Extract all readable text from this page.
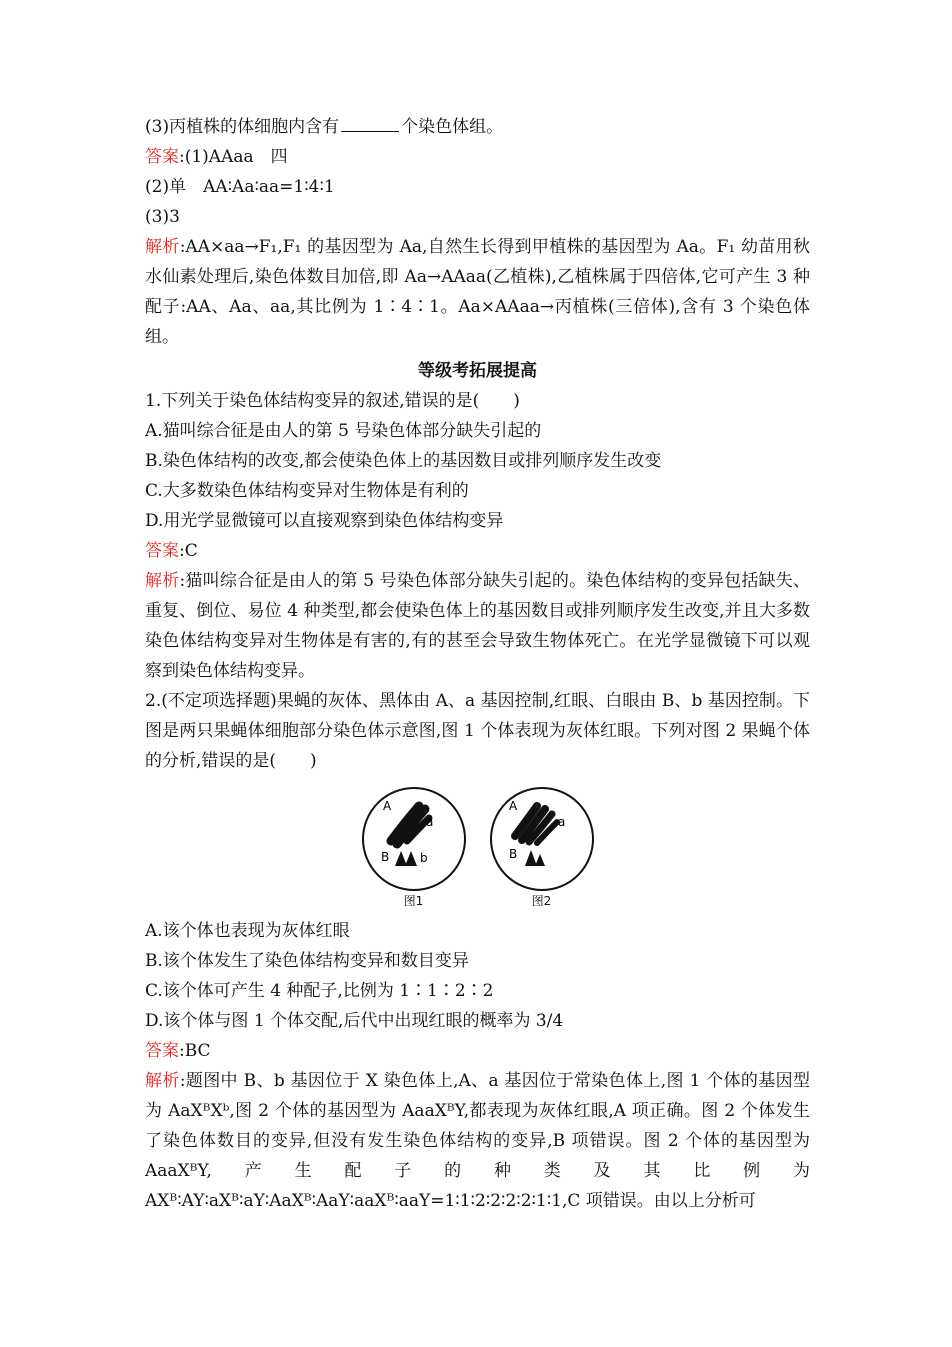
(3)丙植株的体细胞内含有	个染色体组。
答案:(1)AAaa　四
(2)单　AA∶Aa∶aa=1∶4∶1
(3)3
解析:AA×aa→F₁,F₁ 的基因型为 Aa,自然生长得到甲植株的基因型为 Aa。F₁ 幼苗用秋水仙素处理后,染色体数目加倍,即 Aa→AAaa(乙植株),乙植株属于四倍体,它可产生 3 种配子:AA、Aa、aa,其比例为 1∶4∶1。Aa×AAaa→丙植株(三倍体),含有 3 个染色体组。
等级考拓展提高
1.下列关于染色体结构变异的叙述,错误的是(　　)
A.猫叫综合征是由人的第 5 号染色体部分缺失引起的
B.染色体结构的改变,都会使染色体上的基因数目或排列顺序发生改变
C.大多数染色体结构变异对生物体是有利的
D.用光学显微镜可以直接观察到染色体结构变异
答案:C
解析:猫叫综合征是由人的第 5 号染色体部分缺失引起的。染色体结构的变异包括缺失、重复、倒位、易位 4 种类型,都会使染色体上的基因数目或排列顺序发生改变,并且大多数染色体结构变异对生物体是有害的,有的甚至会导致生物体死亡。在光学显微镜下可以观察到染色体结构变异。
2.(不定项选择题)果蝇的灰体、黑体由 A、a 基因控制,红眼、白眼由 B、b 基因控制。下图是两只果蝇体细胞部分染色体示意图,图 1 个体表现为灰体红眼。下列对图 2 果蝇个体的分析,错误的是(　　)
A
a
B	b
图1
A
a
B
图2
A.该个体也表现为灰体红眼
B.该个体发生了染色体结构变异和数目变异
C.该个体可产生 4 种配子,比例为 1∶1∶2∶2
D.该个体与图 1 个体交配,后代中出现红眼的概率为 3/4
答案:BC
解析:题图中 B、b 基因位于 X 染色体上,A、a 基因位于常染色体上,图 1 个体的基因型为 AaXᴮXᵇ,图 2 个体的基因型为 AaaXᴮY,都表现为灰体红眼,A 项正确。图 2 个体发生了染色体数目的变异,但没有发生染色体结构的变异,B 项错误。图 2 个体的基因型为 AaaXᴮY,产生配子的种类及其比例为 AXᴮ∶AY∶aXᴮ∶aY∶AaXᴮ∶AaY∶aaXᴮ∶aaY=1∶1∶2∶2∶2∶2∶1∶1,C 项错误。由以上分析可
